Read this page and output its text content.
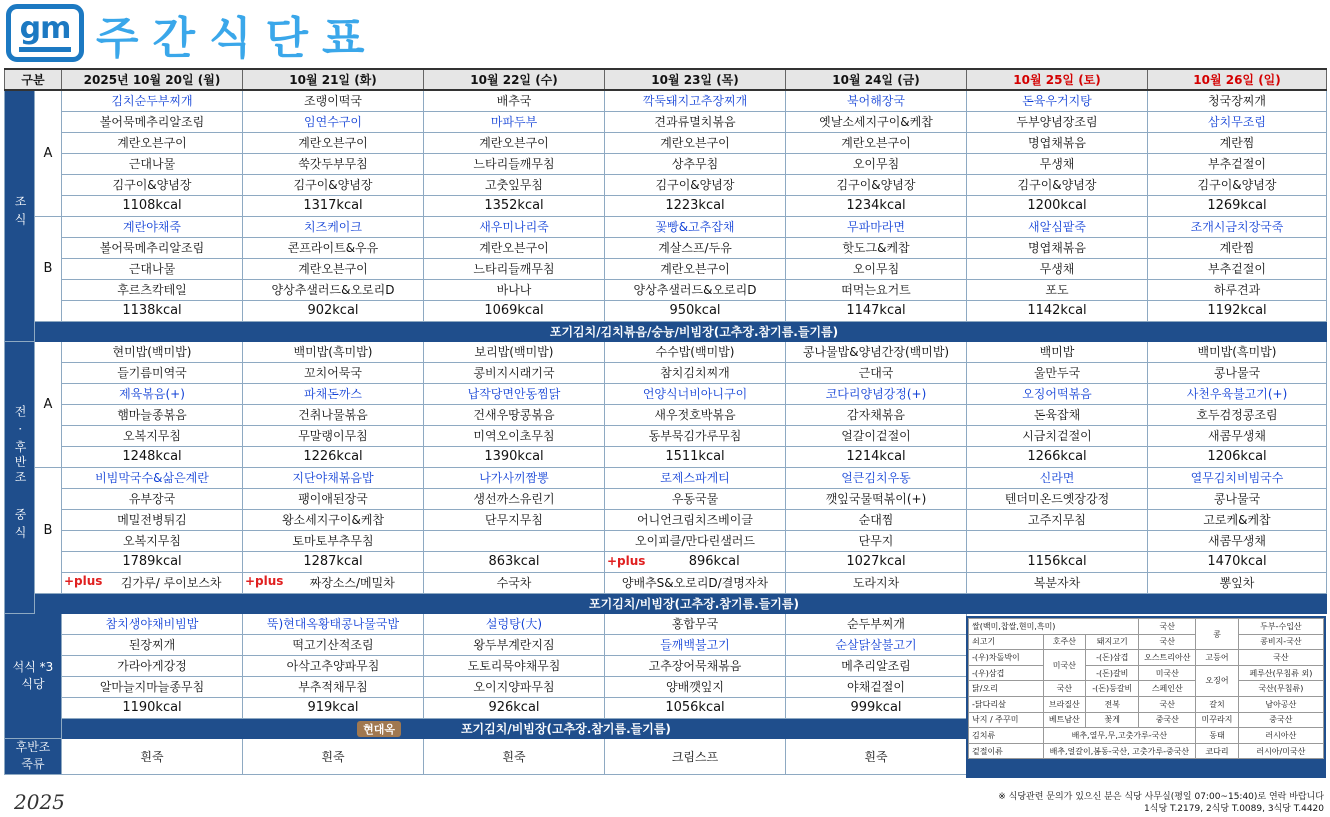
gm 주간식단표
구분		2025년 10월 20일 (월)	10월 21일 (화)	10월 22일 (수)	10월 23일 (목)	10월 24일 (금)	10월 25일 (토)	10월 26일 (일)
조식	A	김치순두부찌개	조랭이떡국	배추국	깍둑돼지고추장찌개	북어해장국	돈육우거지탕	청국장찌개
		볼어묵메추리알조림	임연수구이	마파두부	견과류멸치볶음	옛날소세지구이&케찹	두부양념장조림	삼치무조림
		계란오븐구이	계란오븐구이	계란오븐구이	계란오븐구이	계란오븐구이	명엽채볶음	계란찜
		근대나물	쑥갓두부무침	느타리들깨무침	상추무침	오이무침	무생채	부추겉절이
		김구이&양념장	김구이&양념장	고춧잎무침	김구이&양념장	김구이&양념장	김구이&양념장	김구이&양념장
		1108kcal	1317kcal	1352kcal	1223kcal	1234kcal	1200kcal	1269kcal
	B	계란야채죽	치즈케이크	새우미나리죽	꽃빵&고추잡채	무파마라면	새알심팥죽	조개시금치장국죽
		볼어묵메추리알조림	콘프라이트&우유	계란오븐구이	계살스프/두유	핫도그&케찹	명엽채볶음	계란찜
		근대나물	계란오븐구이	느타리들깨무침	계란오븐구이	오이무침	무생채	부추겉절이
		후르츠칵테일	양상추샐러드&오로리D	바나나	양상추샐러드&오로리D	떠먹는요거트	포도	하루견과
		1138kcal	902kcal	1069kcal	950kcal	1147kcal	1142kcal	1192kcal
		포기김치/김치볶음/숭늉/비빔장(고추장.참기름.들기름)						
전 · 후반조

중식	A	현미밥(백미밥)	백미밥(흑미밥)	보리밥(백미밥)	수수밥(백미밥)	콩나물밥&양념간장(백미밥)	백미밥	백미밥(흑미밥)
		들기름미역국	꼬치어묵국	콩비지시래기국	참치김치찌개	근대국	울만두국	콩나물국
		제육볶음(+)	파채돈까스	납작당면안동찜닭	언양식너비아니구이	코다리양념강정(+)	오징어떡볶음	사천우육불고기(+)
		햄마늘종볶음	건취나물볶음	건새우땅콩볶음	새우젓호박볶음	감자채볶음	돈육잡채	호두검정콩조림
		오복지무침	무말랭이무침	미역오이초무침	동부묵김가루무침	얼갈이겉절이	시금치겉절이	새콤무생채
		1248kcal	1226kcal	1390kcal	1511kcal	1214kcal	1266kcal	1206kcal
	B	비빔막국수&삶은계란	지단야채볶음밥	나가사끼짬뽕	로제스파게티	얼큰김치우동	신라면	열무김치비빔국수
		유부장국	팽이애된장국	생선까스유린기	우동국물	깻잎국물떡볶이(+)	텐더미온드옛장강정	콩나물국
		메밀전병튀김	왕소세지구이&케찹	단무지무침	어니언크림치즈베이글	순대찜	고주지무침	고로케&케찹
		오복지무침	토마토부추무침		오이피클/만다린샐러드	단무지		새콤무생채
		1789kcal	1287kcal	863kcal	+plus 896kcal	1027kcal	1156kcal	1470kcal

		+plus 김가루/ 루이보스차	+plus 짜장소스/메밀차	수국차	양배추S&오로리D/결명자차	도라지차	복분자차	뽕잎차
		포기김치/비빔장(고추장.참기름.들기름)						
석식 *3식당		참치생야채비빔밥	뚝)현대옥황태콩나물국밥	설렁탕(大)	홍합무국	순두부찌개		
		된장찌개	떡고기산적조림	왕두부계란지짐	들깨백불고기	순살닭살불고기		
		가라아게강정	아삭고추양파무침	도토리묵야채무침	고추장어묵채볶음	메추리알조림		
		알마늘지마늘종무침	부추적채무침	오이지양파무침	양배깻잎지	야채겉절이		
		1190kcal	919kcal	926kcal	1056kcal	999kcal		
		현대옥 포기김치/비빔장(고추장.참기름.들기름)						
후반조 죽류		흰죽	흰죽	흰죽	크림스프	흰죽		
쌀(백미,찹쌀,현미,흑미)			국산	콩	두부-수입산
쇠고기	호주산	돼지고기	국산		콩비지-국산
-(우)차돌박이	미국산	-(돈)삼겹	오스트리아산	고등어	국산
-(우)삼겹		-(돈)갈비	미국산	오징어	페루산(무침류 외)
닭/오리	국산	-(돈)등갈비	스페인산		국산(무침류)
-닭다리살	브라질산	전복	국산	갈치	남아공산
낙지 / 주꾸미	베트남산	꽃게	중국산	미꾸라지	중국산
김치류	배추,열무,무,고춧가루-국산			동태	러시아산
겉절이류	배추,얼갈이,봄동-국산, 고춧가루-중국산			코다리	러시아/미국산
2025	※ 식당관련 문의가 있으신 분은 식당 사무실(평일 07:00~15:40)로 연락 바랍니다
1식당 T.2179, 2식당 T.0089, 3식당 T.4420
